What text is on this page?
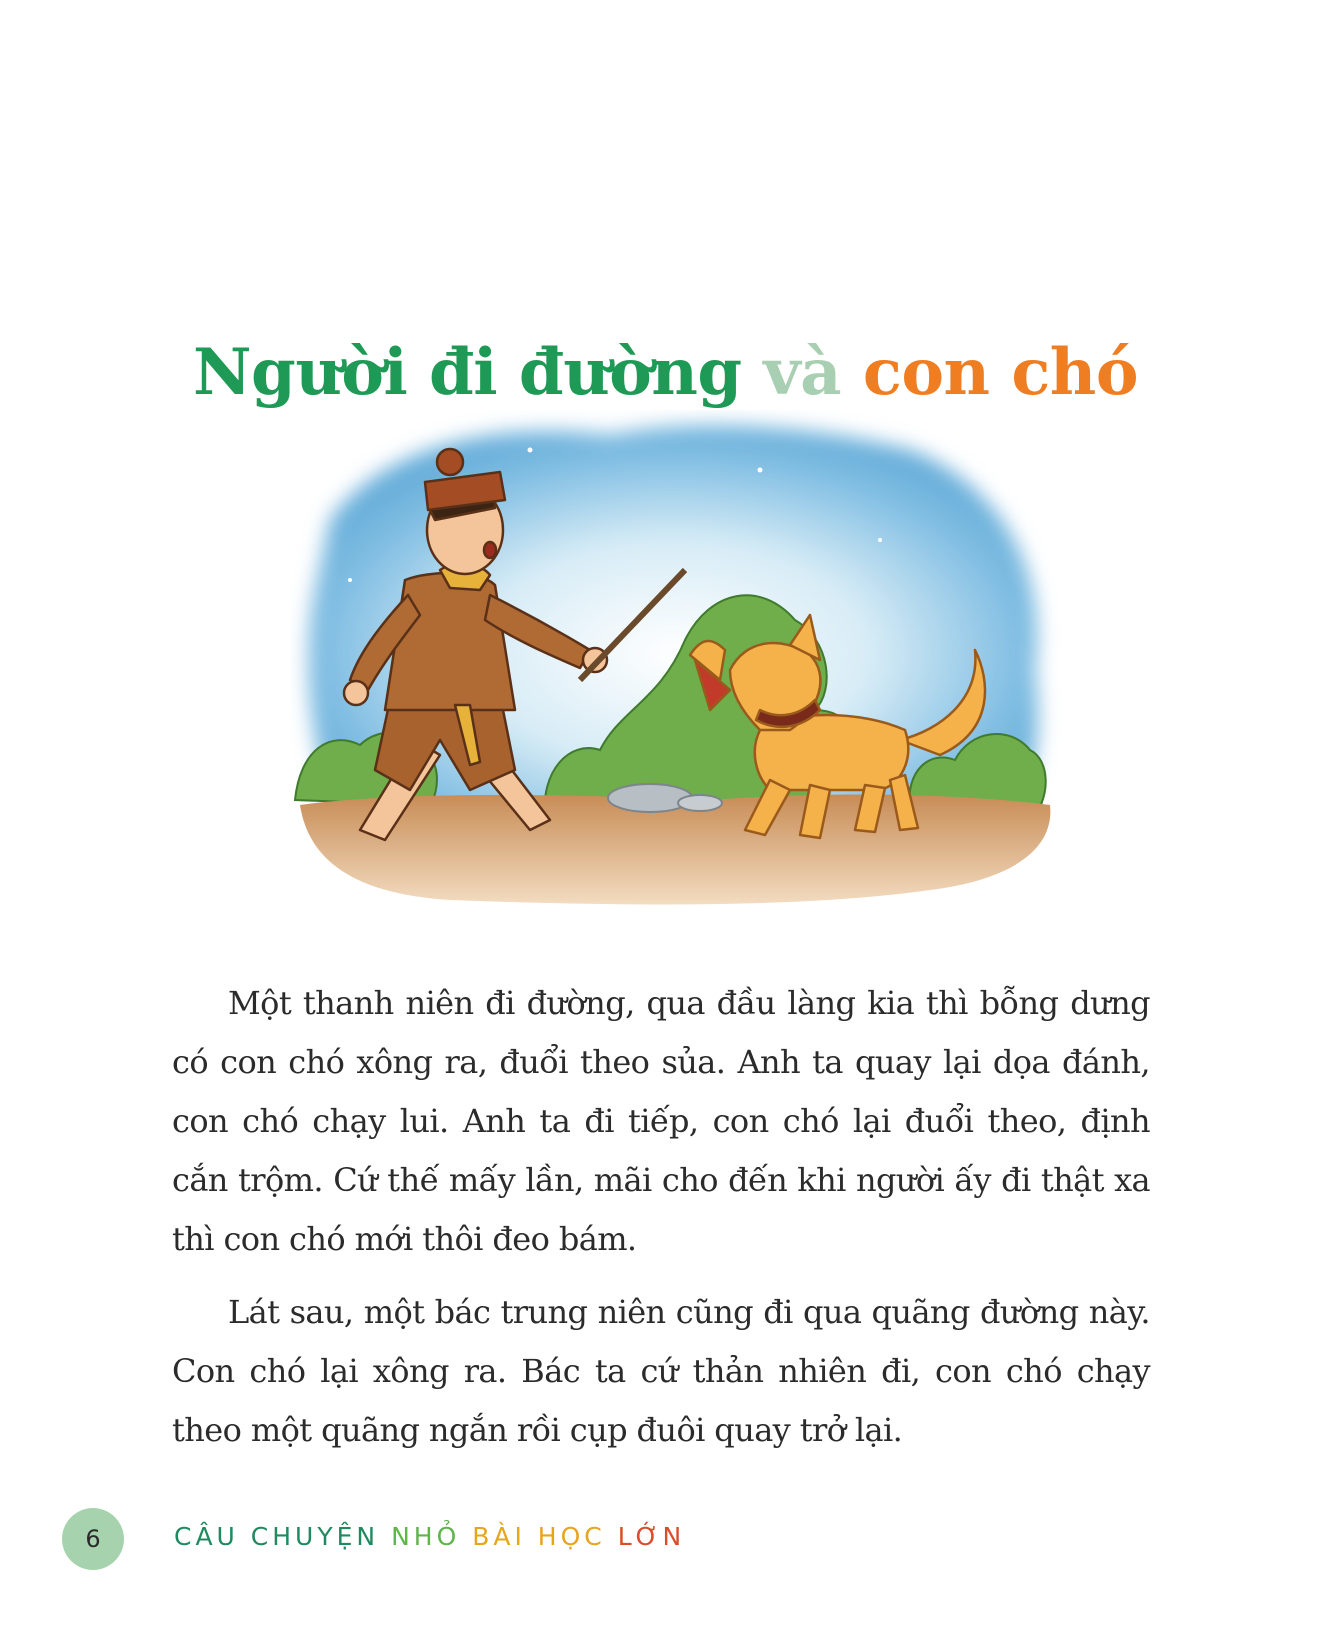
Người đi đường và con chó

Một thanh niên đi đường, qua đầu làng kia thì bỗng dưng có con chó xông ra, đuổi theo sủa. Anh ta quay lại dọa đánh, con chó chạy lui. Anh ta đi tiếp, con chó lại đuổi theo, định cắn trộm. Cứ thế mấy lần, mãi cho đến khi người ấy đi thật xa thì con chó mới thôi đeo bám.

Lát sau, một bác trung niên cũng đi qua quãng đường này. Con chó lại xông ra. Bác ta cứ thản nhiên đi, con chó chạy theo một quãng ngắn rồi cụp đuôi quay trở lại.

6	CÂU CHUYỆN NHỎ BÀI HỌC LỚN
